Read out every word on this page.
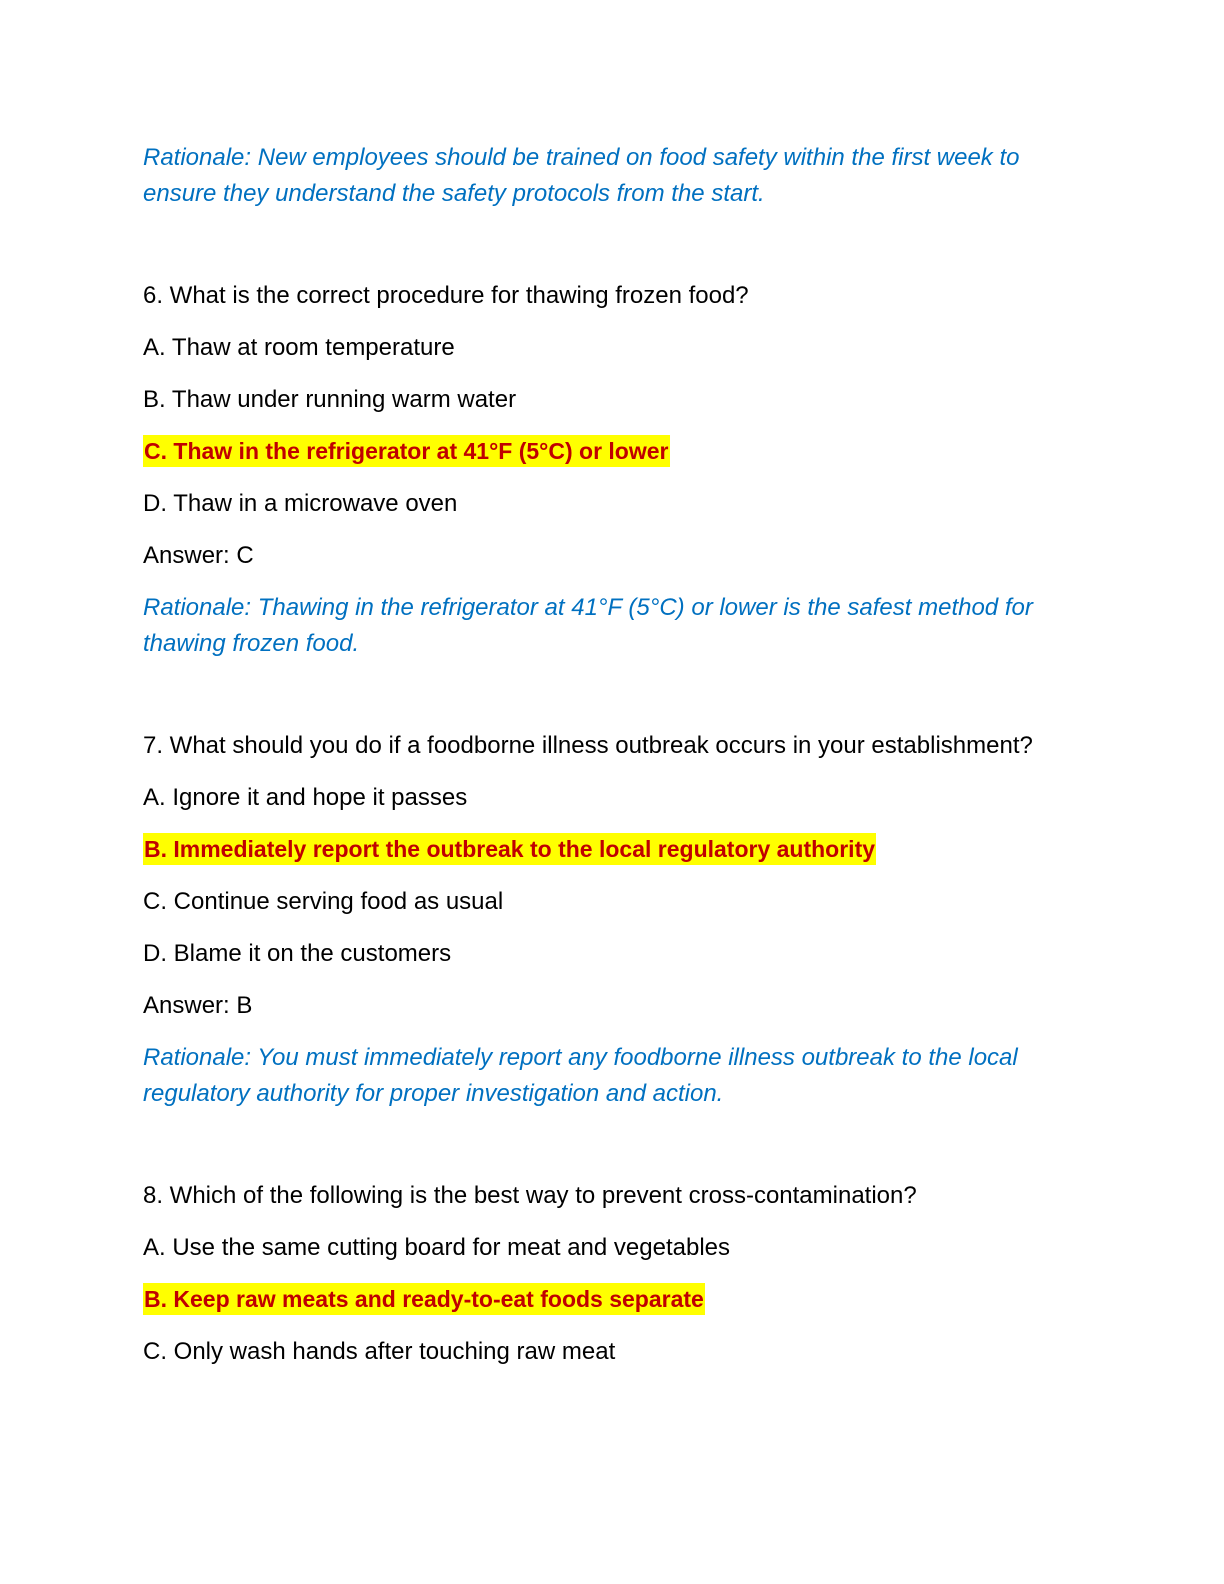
Rationale: New employees should be trained on food safety within the first week to ensure they understand the safety protocols from the start.

6. What is the correct procedure for thawing frozen food?

A. Thaw at room temperature

B. Thaw under running warm water

C. Thaw in the refrigerator at 41°F (5°C) or lower

D. Thaw in a microwave oven

Answer: C

Rationale: Thawing in the refrigerator at 41°F (5°C) or lower is the safest method for thawing frozen food.

7. What should you do if a foodborne illness outbreak occurs in your establishment?

A. Ignore it and hope it passes

B. Immediately report the outbreak to the local regulatory authority

C. Continue serving food as usual

D. Blame it on the customers

Answer: B

Rationale: You must immediately report any foodborne illness outbreak to the local regulatory authority for proper investigation and action.

8. Which of the following is the best way to prevent cross-contamination?

A. Use the same cutting board for meat and vegetables

B. Keep raw meats and ready-to-eat foods separate

C. Only wash hands after touching raw meat
